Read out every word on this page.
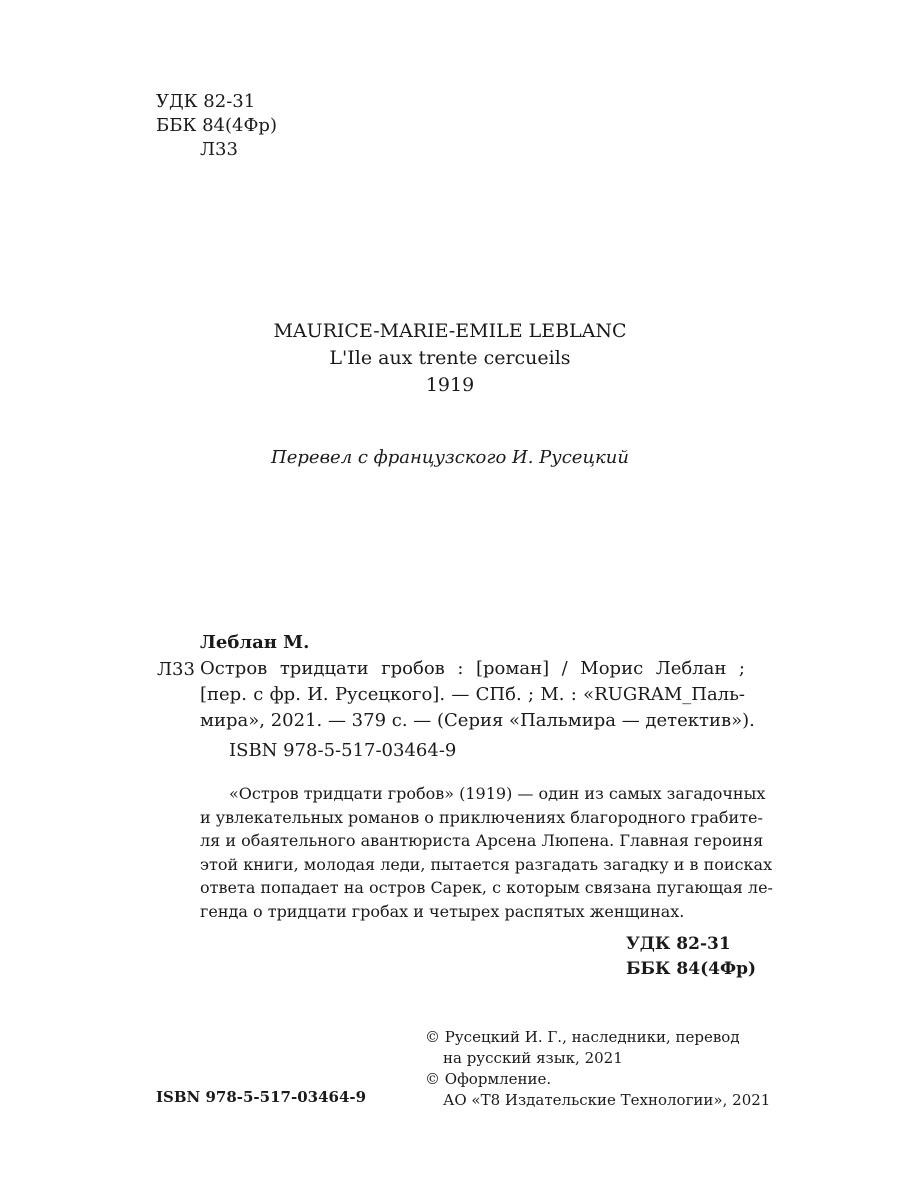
УДК 82-31
ББК 84(4Фр)
Л33
MAURICE-MARIE-EMILE LEBLANC
L'Ile aux trente cercueils
1919
Перевел с французского И. Русецкий
Леблан М.
Л33 Остров тридцати гробов : [роман] / Морис Леблан ;
[пер. с фр. И. Русецкого]. — СПб. ; М. : «RUGRAM_Паль-
мира», 2021. — 379 с. — (Серия «Пальмира — детектив»).
ISBN 978-5-517-03464-9
«Остров тридцати гробов» (1919) — один из самых загадочных
и увлекательных романов о приключениях благородного грабите-
ля и обаятельного авантюриста Арсена Люпена. Главная героиня
этой книги, молодая леди, пытается разгадать загадку и в поисках
ответа попадает на остров Сарек, с которым связана пугающая ле-
генда о тридцати гробах и четырех распятых женщинах.
УДК 82-31
ББК 84(4Фр)
© Русецкий И. Г., наследники, перевод
на русский язык, 2021
© Оформление.
АО «Т8 Издательские Технологии», 2021
ISBN 978-5-517-03464-9
